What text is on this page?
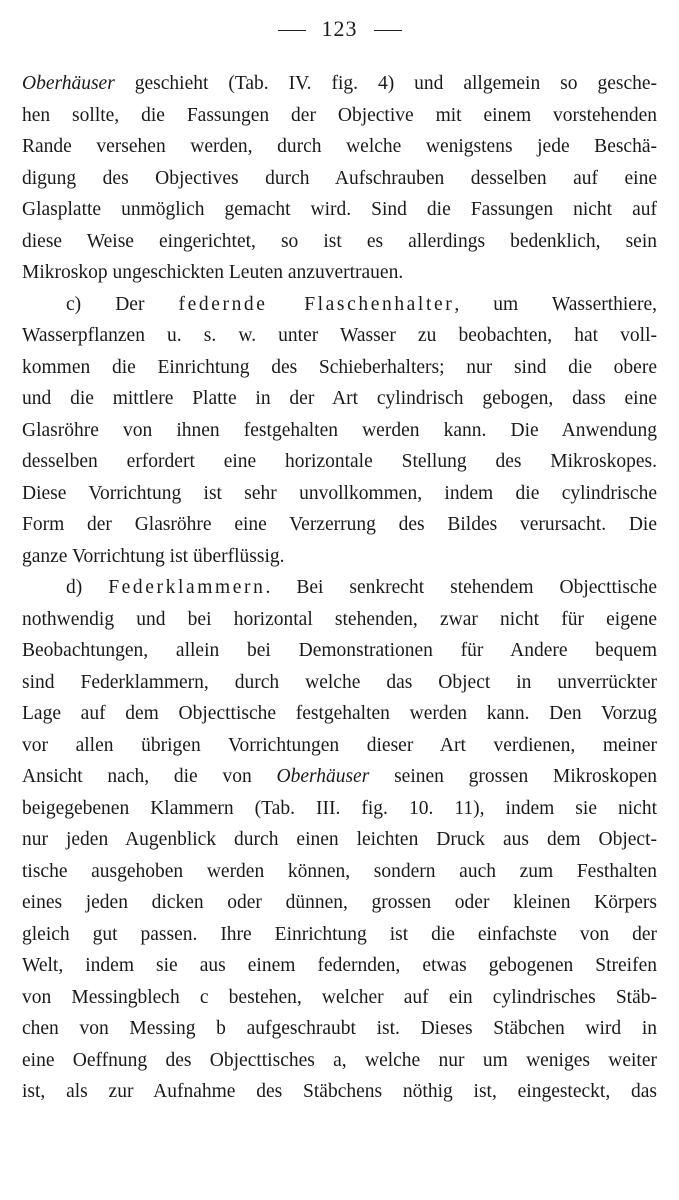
123
Oberhäuser geschieht (Tab. IV. fig. 4) und allgemein so gesche-
hen sollte, die Fassungen der Objective mit einem vorstehenden
Rande versehen werden, durch welche wenigstens jede Beschä-
digung des Objectives durch Aufschrauben desselben auf eine
Glasplatte unmöglich gemacht wird. Sind die Fassungen nicht auf
diese Weise eingerichtet, so ist es allerdings bedenklich, sein
Mikroskop ungeschickten Leuten anzuvertrauen.
c) Der federnde Flaschenhalter, um Wasserthiere,
Wasserpflanzen u. s. w. unter Wasser zu beobachten, hat voll-
kommen die Einrichtung des Schieberhalters; nur sind die obere
und die mittlere Platte in der Art cylindrisch gebogen, dass eine
Glasröhre von ihnen festgehalten werden kann. Die Anwendung
desselben erfordert eine horizontale Stellung des Mikroskopes.
Diese Vorrichtung ist sehr unvollkommen, indem die cylindrische
Form der Glasröhre eine Verzerrung des Bildes verursacht. Die
ganze Vorrichtung ist überflüssig.
d) Federklammern. Bei senkrecht stehendem Objecttische
nothwendig und bei horizontal stehenden, zwar nicht für eigene
Beobachtungen, allein bei Demonstrationen für Andere bequem
sind Federklammern, durch welche das Object in unverrückter
Lage auf dem Objecttische festgehalten werden kann. Den Vorzug
vor allen übrigen Vorrichtungen dieser Art verdienen, meiner
Ansicht nach, die von Oberhäuser seinen grossen Mikroskopen
beigegebenen Klammern (Tab. III. fig. 10. 11), indem sie nicht
nur jeden Augenblick durch einen leichten Druck aus dem Object-
tische ausgehoben werden können, sondern auch zum Festhalten
eines jeden dicken oder dünnen, grossen oder kleinen Körpers
gleich gut passen. Ihre Einrichtung ist die einfachste von der
Welt, indem sie aus einem federnden, etwas gebogenen Streifen
von Messingblech c bestehen, welcher auf ein cylindrisches Stäb-
chen von Messing b aufgeschraubt ist. Dieses Stäbchen wird in
eine Oeffnung des Objecttisches a, welche nur um weniges weiter
ist, als zur Aufnahme des Stäbchens nöthig ist, eingesteckt, das
